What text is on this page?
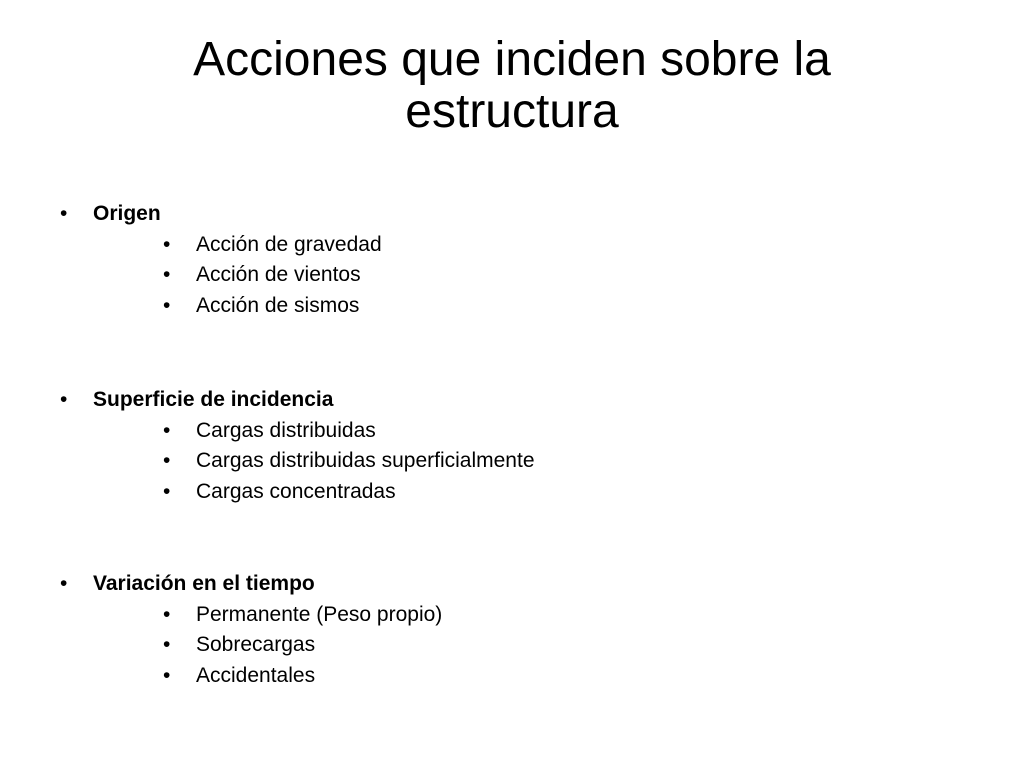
Acciones que inciden sobre la
estructura
• Origen
• Acción de gravedad
• Acción de vientos
• Acción de sismos
• Superficie de incidencia
• Cargas distribuidas
• Cargas distribuidas superficialmente
• Cargas concentradas
• Variación en el tiempo
• Permanente (Peso propio)
• Sobrecargas
• Accidentales
